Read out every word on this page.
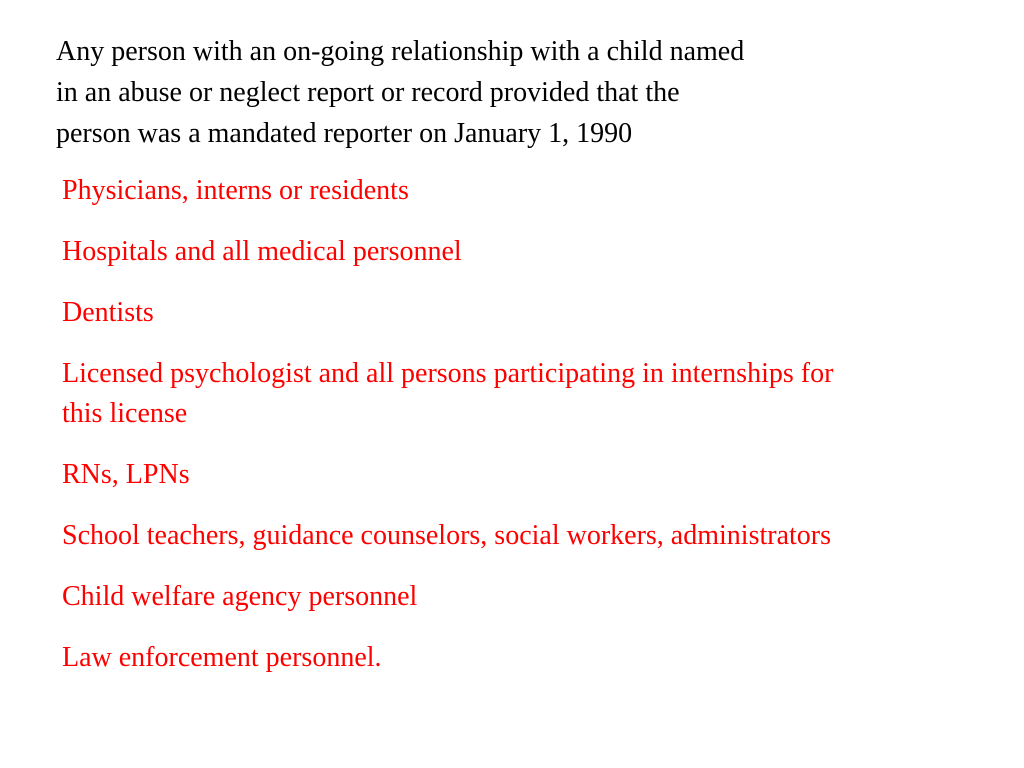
Any person with an on-going relationship with a child named
in an abuse or neglect report or record provided that the
person was a mandated reporter on January 1, 1990

Physicians, interns or residents
Hospitals and all medical personnel
Dentists
Licensed psychologist and all persons participating in internships for
this license
RNs, LPNs
School teachers, guidance counselors, social workers, administrators
Child welfare agency personnel
Law enforcement personnel.
